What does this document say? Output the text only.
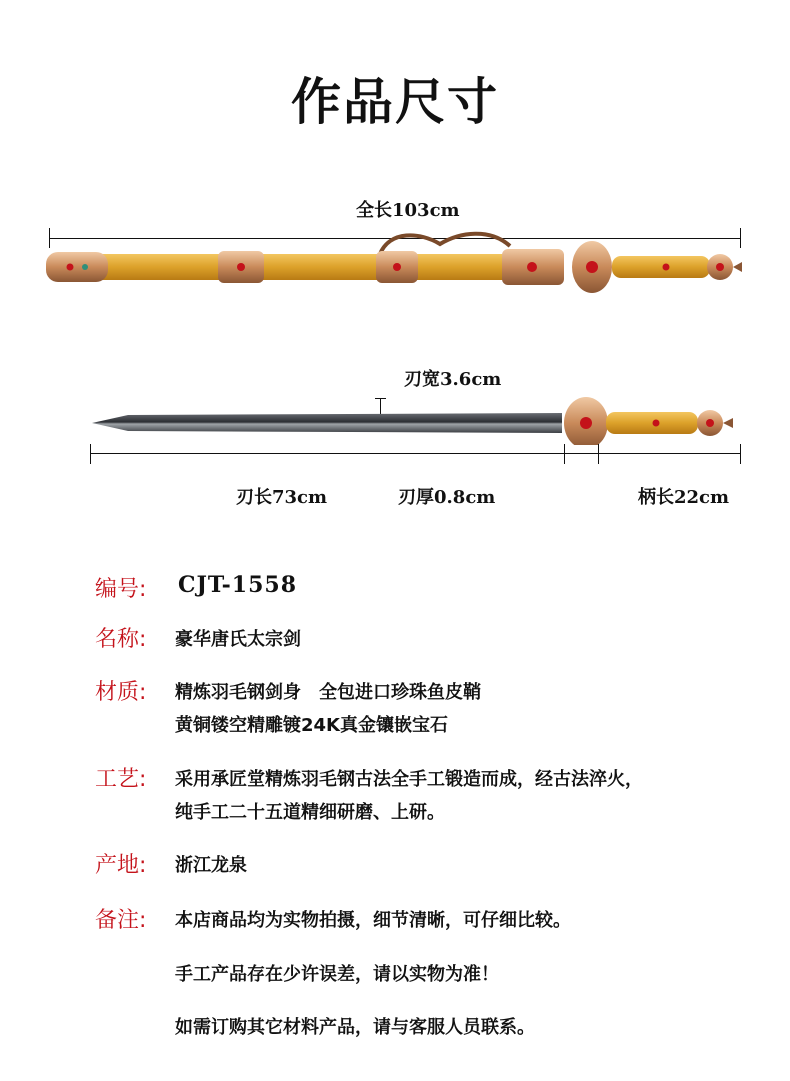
作品尺寸
全长103cm
刃宽3.6cm
刃长73cm	刃厚0.8cm	柄长22cm
编号: CJT-1558
名称: 豪华唐氏太宗剑
材质: 精炼羽毛钢剑身　全包进口珍珠鱼皮鞘
黄铜镂空精雕镀24K真金镶嵌宝石
工艺: 采用承匠堂精炼羽毛钢古法全手工锻造而成，经古法淬火，
纯手工二十五道精细研磨、上研。
产地: 浙江龙泉
备注: 本店商品均为实物拍摄，细节清晰，可仔细比较。
手工产品存在少许误差，请以实物为准！
如需订购其它材料产品，请与客服人员联系。
